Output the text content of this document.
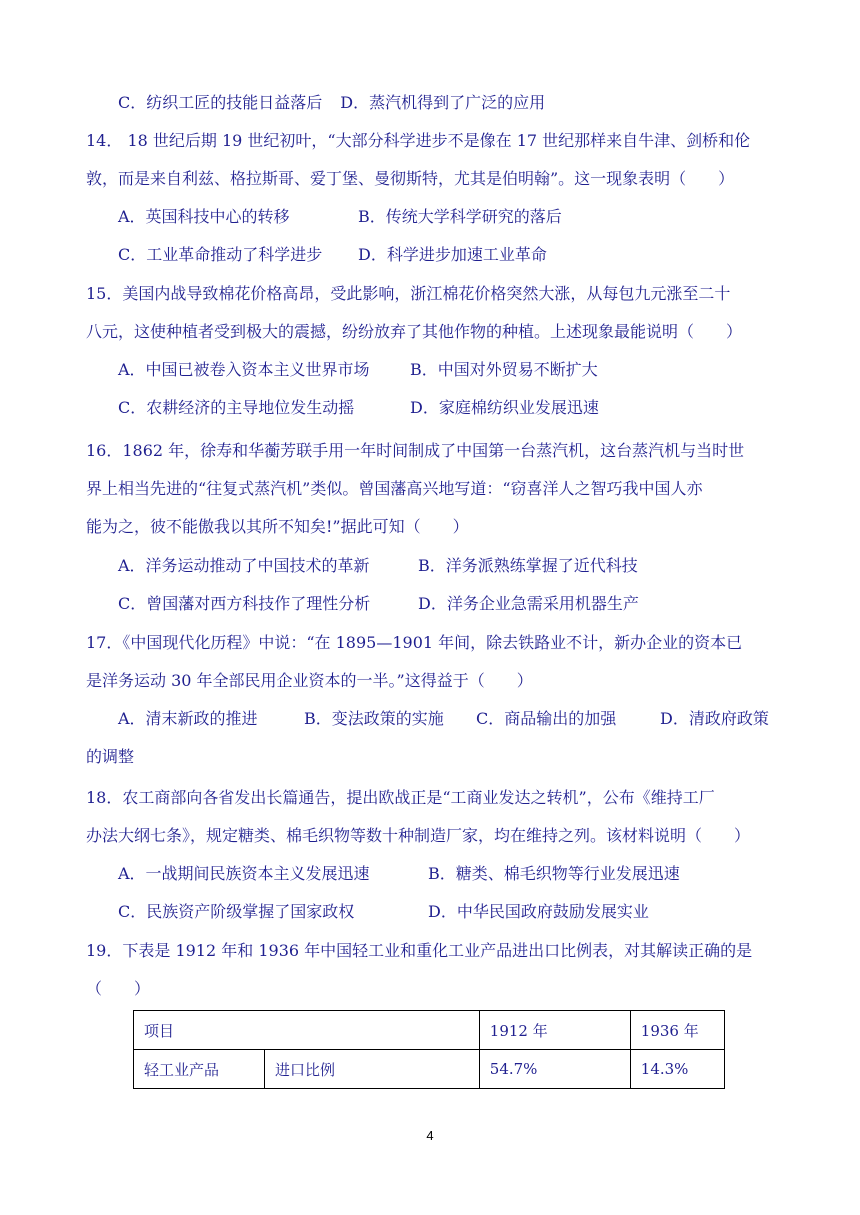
C．纺织工匠的技能日益落后 D．蒸汽机得到了广泛的应用
14． 18 世纪后期 19 世纪初叶，“大部分科学进步不是像在 17 世纪那样来自牛津、剑桥和伦
敦，而是来自利兹、格拉斯哥、爱丁堡、曼彻斯特，尤其是伯明翰”。这一现象表明（　　）
A．英国科技中心的转移	B．传统大学科学研究的落后
C．工业革命推动了科学进步 D．科学进步加速工业革命
15．美国内战导致棉花价格高昂，受此影响，浙江棉花价格突然大涨，从每包九元涨至二十
八元，这使种植者受到极大的震撼，纷纷放弃了其他作物的种植。上述现象最能说明（　　）
A．中国已被卷入资本主义世界市场	B．中国对外贸易不断扩大
C．农耕经济的主导地位发生动摇	D．家庭棉纺织业发展迅速
16．1862 年，徐寿和华蘅芳联手用一年时间制成了中国第一台蒸汽机，这台蒸汽机与当时世
界上相当先进的“往复式蒸汽机”类似。曾国藩高兴地写道：“窃喜洋人之智巧我中国人亦
能为之，彼不能傲我以其所不知矣!”据此可知（　　）
A．洋务运动推动了中国技术的革新	B．洋务派熟练掌握了近代科技
C．曾国藩对西方科技作了理性分析	D．洋务企业急需采用机器生产
17．《中国现代化历程》中说：“在 1895—1901 年间，除去铁路业不计，新办企业的资本已
是洋务运动 30 年全部民用企业资本的一半。”这得益于（　　）
A．清末新政的推进	B．变法政策的实施 C．商品输出的加强	D．清政府政策
的调整
18．农工商部向各省发出长篇通告，提出欧战正是“工商业发达之转机”，公布《维持工厂
办法大纲七条》，规定糖类、棉毛织物等数十种制造厂家，均在维持之列。该材料说明（　　）
A．一战期间民族资本主义发展迅速	B．糖类、棉毛织物等行业发展迅速
C．民族资产阶级掌握了国家政权	D．中华民国政府鼓励发展实业
19．下表是 1912 年和 1936 年中国轻工业和重化工业产品进出口比例表，对其解读正确的是
（　　）
项目		1912 年	1936 年
轻工业产品	进口比例	54.7%	14.3%
4
